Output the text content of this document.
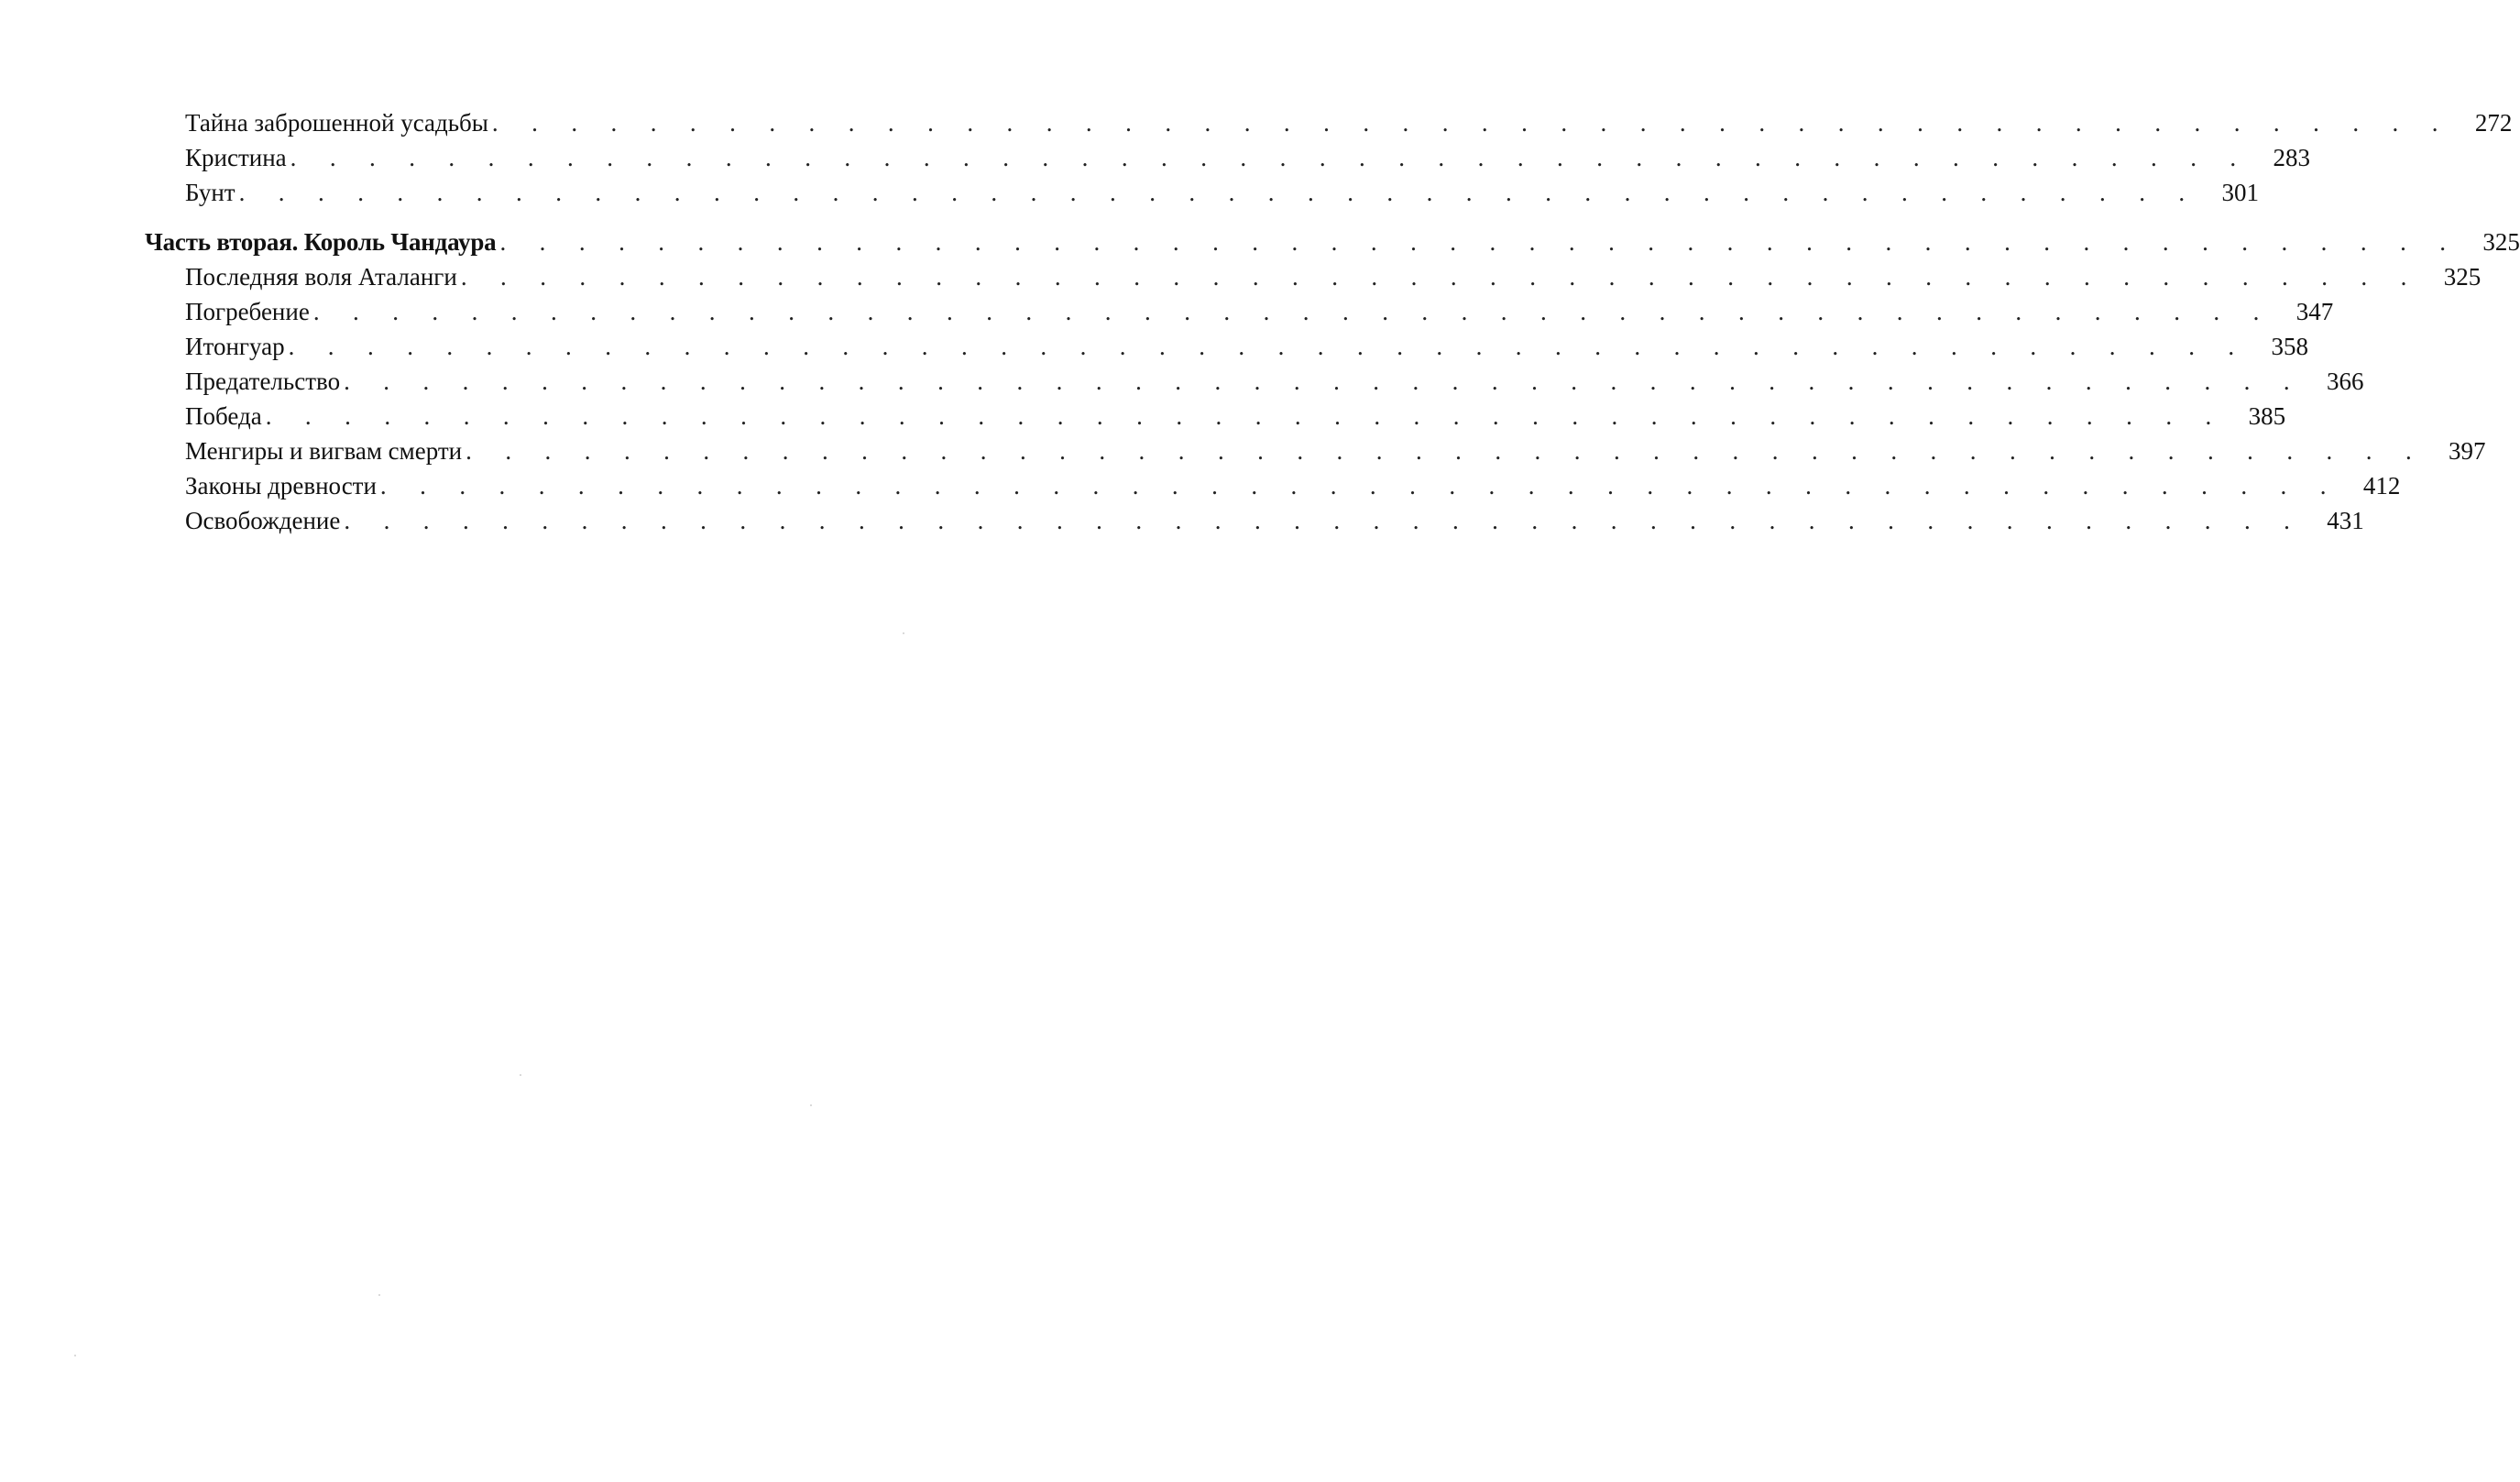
Тайна заброшенной усадьбы . . . . . . . . . . . . . . . . . . . . . . . . . . . . . . . . . . . . . . . . . . . . . . . . . . 272
Кристина . . . . . . . . . . . . . . . . . . . . . . . . . . . . . . . . . . . . . . . . . . . . . . . . . . 283
Бунт . . . . . . . . . . . . . . . . . . . . . . . . . . . . . . . . . . . . . . . . . . . . . . . . . . 301
Часть вторая. Король Чандаура . . . . . . . . . . . . . . . . . . . . . . . . . . . . . . . . . . . . . . . . . . . . . . . . . . 325
Последняя воля Аталанги . . . . . . . . . . . . . . . . . . . . . . . . . . . . . . . . . . . . . . . . . . . . . . . . . . 325
Погребение . . . . . . . . . . . . . . . . . . . . . . . . . . . . . . . . . . . . . . . . . . . . . . . . . . 347
Итонгуар . . . . . . . . . . . . . . . . . . . . . . . . . . . . . . . . . . . . . . . . . . . . . . . . . . 358
Предательство . . . . . . . . . . . . . . . . . . . . . . . . . . . . . . . . . . . . . . . . . . . . . . . . . . 366
Победа . . . . . . . . . . . . . . . . . . . . . . . . . . . . . . . . . . . . . . . . . . . . . . . . . . 385
Менгиры и вигвам смерти . . . . . . . . . . . . . . . . . . . . . . . . . . . . . . . . . . . . . . . . . . . . . . . . . . 397
Законы древности . . . . . . . . . . . . . . . . . . . . . . . . . . . . . . . . . . . . . . . . . . . . . . . . . . 412
Освобождение . . . . . . . . . . . . . . . . . . . . . . . . . . . . . . . . . . . . . . . . . . . . . . . . . . 431
